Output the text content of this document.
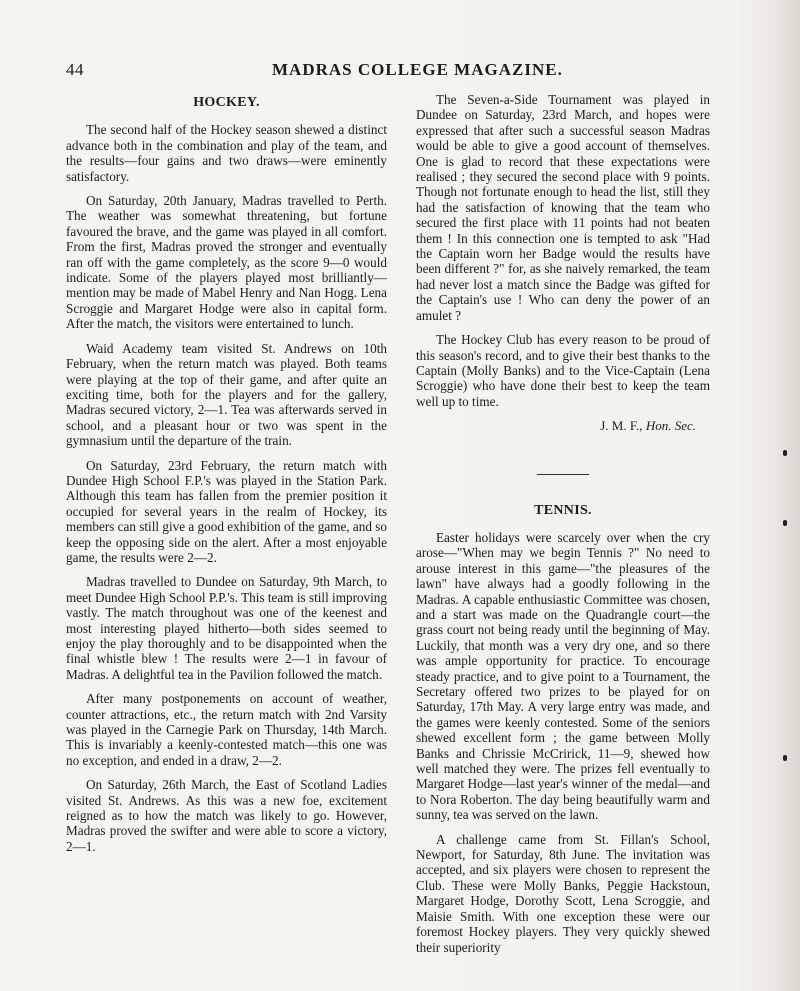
44	MADRAS COLLEGE MAGAZINE.
HOCKEY.

The second half of the Hockey season shewed a distinct advance both in the combination and play of the team, and the results—four gains and two draws—were eminently satisfactory.

On Saturday, 20th January, Madras travelled to Perth. The weather was somewhat threatening, but fortune favoured the brave, and the game was played in all comfort. From the first, Madras proved the stronger and eventually ran off with the game completely, as the score 9—0 would indicate. Some of the players played most brilliantly—mention may be made of Mabel Henry and Nan Hogg. Lena Scroggie and Margaret Hodge were also in capital form. After the match, the visitors were entertained to lunch.

Waid Academy team visited St. Andrews on 10th February, when the return match was played. Both teams were playing at the top of their game, and after quite an exciting time, both for the players and for the gallery, Madras secured victory, 2—1. Tea was afterwards served in school, and a pleasant hour or two was spent in the gymnasium until the departure of the train.

On Saturday, 23rd February, the return match with Dundee High School F.P.'s was played in the Station Park. Although this team has fallen from the premier position it occupied for several years in the realm of Hockey, its members can still give a good exhibition of the game, and so keep the opposing side on the alert. After a most enjoyable game, the results were 2—2.

Madras travelled to Dundee on Saturday, 9th March, to meet Dundee High School P.P.'s. This team is still improving vastly. The match throughout was one of the keenest and most interesting played hitherto—both sides seemed to enjoy the play thoroughly and to be disappointed when the final whistle blew ! The results were 2—1 in favour of Madras. A delightful tea in the Pavilion followed the match.

After many postponements on account of weather, counter attractions, etc., the return match with 2nd Varsity was played in the Carnegie Park on Thursday, 14th March. This is invariably a keenly-contested match—this one was no exception, and ended in a draw, 2—2.

On Saturday, 26th March, the East of Scotland Ladies visited St. Andrews. As this was a new foe, excitement reigned as to how the match was likely to go. However, Madras proved the swifter and were able to score a victory, 2—1.

The Seven-a-Side Tournament was played in Dundee on Saturday, 23rd March, and hopes were expressed that after such a successful season Madras would be able to give a good account of themselves. One is glad to record that these expectations were realised ; they secured the second place with 9 points. Though not fortunate enough to head the list, still they had the satisfaction of knowing that the team who secured the first place with 11 points had not beaten them ! In this connection one is tempted to ask "Had the Captain worn her Badge would the results have been different ?" for, as she naively remarked, the team had never lost a match since the Badge was gifted for the Captain's use ! Who can deny the power of an amulet ?

The Hockey Club has every reason to be proud of this season's record, and to give their best thanks to the Captain (Molly Banks) and to the Vice-Captain (Lena Scroggie) who have done their best to keep the team well up to time.

J. M. F., Hon. Sec.
TENNIS.

Easter holidays were scarcely over when the cry arose—"When may we begin Tennis ?" No need to arouse interest in this game—"the pleasures of the lawn" have always had a goodly following in the Madras. A capable enthusiastic Committee was chosen, and a start was made on the Quadrangle court—the grass court not being ready until the beginning of May. Luckily, that month was a very dry one, and so there was ample opportunity for practice. To encourage steady practice, and to give point to a Tournament, the Secretary offered two prizes to be played for on Saturday, 17th May. A very large entry was made, and the games were keenly contested. Some of the seniors shewed excellent form ; the game between Molly Banks and Chrissie McCririck, 11—9, shewed how well matched they were. The prizes fell eventually to Margaret Hodge—last year's winner of the medal—and to Nora Roberton. The day being beautifully warm and sunny, tea was served on the lawn.

A challenge came from St. Fillan's School, Newport, for Saturday, 8th June. The invitation was accepted, and six players were chosen to represent the Club. These were Molly Banks, Peggie Hackstoun, Margaret Hodge, Dorothy Scott, Lena Scroggie, and Maisie Smith. With one exception these were our foremost Hockey players. They very quickly shewed their superiority
